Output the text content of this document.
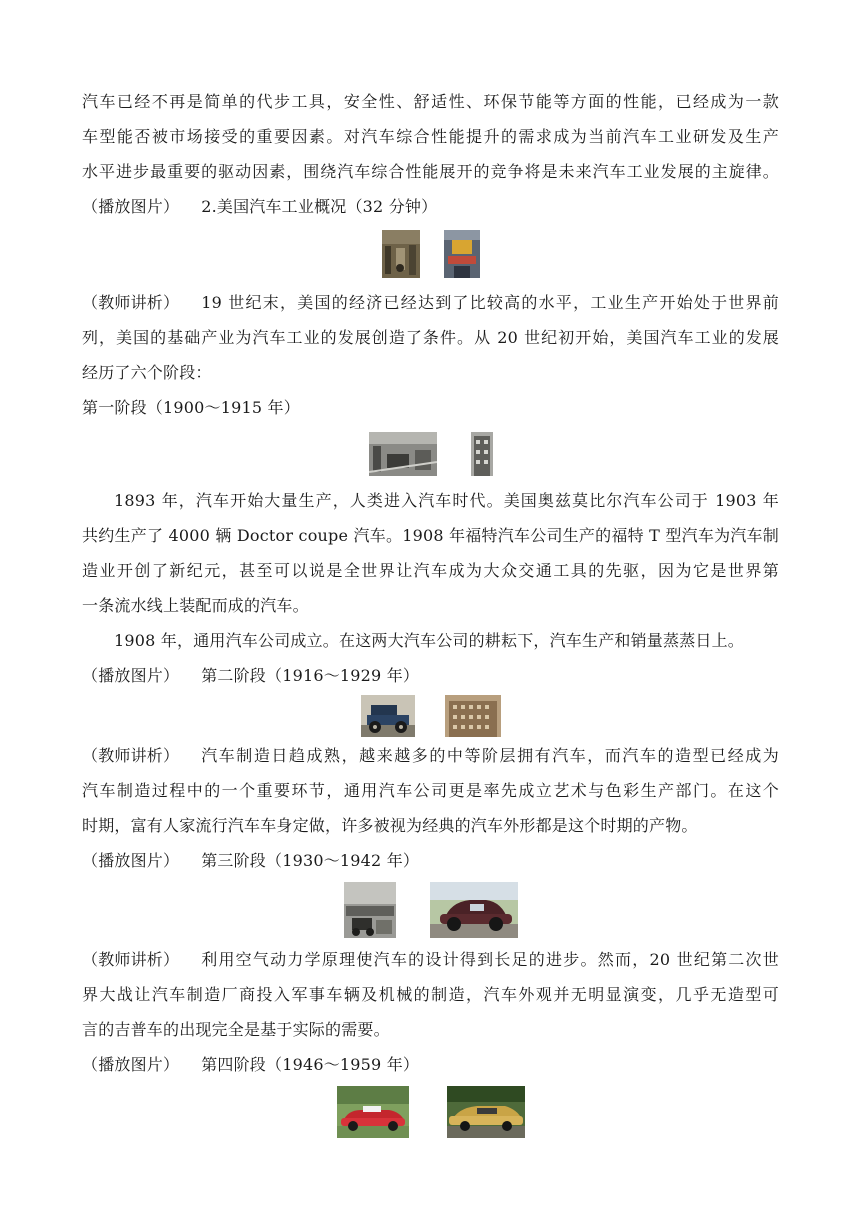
汽车已经不再是简单的代步工具，安全性、舒适性、环保节能等方面的性能，已经成为一款
车型能否被市场接受的重要因素。对汽车综合性能提升的需求成为当前汽车工业研发及生产
水平进步最重要的驱动因素，围绕汽车综合性能展开的竞争将是未来汽车工业发展的主旋律。
（播放图片） 2.美国汽车工业概况（32 分钟）
（教师讲析） 19 世纪末，美国的经济已经达到了比较高的水平，工业生产开始处于世界前
列，美国的基础产业为汽车工业的发展创造了条件。从 20 世纪初开始，美国汽车工业的发展
经历了六个阶段：
第一阶段（1900～1915 年）
1893 年，汽车开始大量生产，人类进入汽车时代。美国奥兹莫比尔汽车公司于 1903 年
共约生产了 4000 辆 Doctor coupe 汽车。1908 年福特汽车公司生产的福特 T 型汽车为汽车制
造业开创了新纪元，甚至可以说是全世界让汽车成为大众交通工具的先驱，因为它是世界第
一条流水线上装配而成的汽车。
1908 年，通用汽车公司成立。在这两大汽车公司的耕耘下，汽车生产和销量蒸蒸日上。
（播放图片） 第二阶段（1916～1929 年）
（教师讲析） 汽车制造日趋成熟，越来越多的中等阶层拥有汽车，而汽车的造型已经成为
汽车制造过程中的一个重要环节，通用汽车公司更是率先成立艺术与色彩生产部门。在这个
时期，富有人家流行汽车车身定做，许多被视为经典的汽车外形都是这个时期的产物。
（播放图片） 第三阶段（1930～1942 年）
（教师讲析） 利用空气动力学原理使汽车的设计得到长足的进步。然而，20 世纪第二次世
界大战让汽车制造厂商投入军事车辆及机械的制造，汽车外观并无明显演变，几乎无造型可
言的吉普车的出现完全是基于实际的需要。
（播放图片） 第四阶段（1946～1959 年）
